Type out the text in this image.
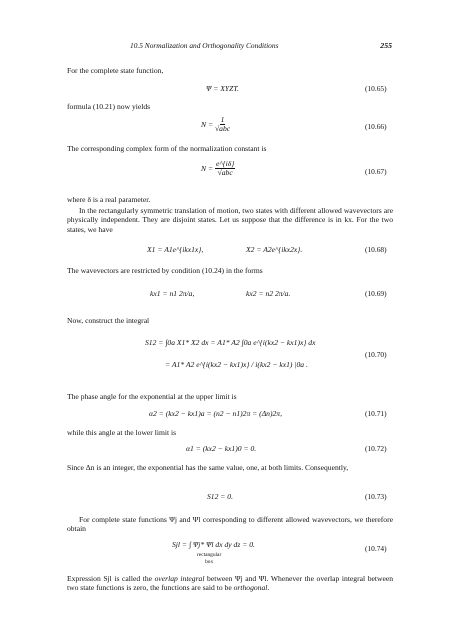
10.5 Normalization and Orthogonality Conditions	255
For the complete state function,
Ψ = XYZT.	(10.65)
formula (10.21) now yields
$N = \frac{1}{\text{√abc}}$	(10.66)
The corresponding complex form of the normalization constant is
$N = \frac{e\^{}\{i\delta\}}{\text{√abc}}$	(10.67)
where δ is a real parameter.
In the rectangularly symmetric translation of motion, two states with different allowed wavevectors are physically independent. They are disjoint states. Let us suppose that the difference is in kx. For the two states, we have
X1 = A1e^{ikx1x},	X2 = A2e^{ikx2x}.	(10.68)
The wavevectors are restricted by condition (10.24) in the forms
kx1 = n1 2π/a,	kx2 = n2 2π/a.	(10.69)
Now, construct the integral
S12 = ∫0a X1* X2 dx = A1* A2 ∫0a e^{i(kx2 − kx1)x} dx
= A1* A2 e^{i(kx2 − kx1)x} / i(kx2 − kx1) |0a .
(10.70)
The phase angle for the exponential at the upper limit is
α2 = (kx2 − kx1)a = (n2 − n1)2π = (Δn)2π,	(10.71)
while this angle at the lower limit is
α1 = (kx2 − kx1)0 = 0.	(10.72)
Since Δn is an integer, the exponential has the same value, one, at both limits. Consequently,
S12 = 0.	(10.73)
For complete state functions Ψj and Ψl corresponding to different allowed wavevectors, we therefore obtain
Sjl = ∫ Ψj* Ψl dx dy dz = 0.
rectangular
box
(10.74)
Expression Sjl is called the overlap integral between Ψj and Ψl. Whenever the overlap integral between two state functions is zero, the functions are said to be orthogonal.
